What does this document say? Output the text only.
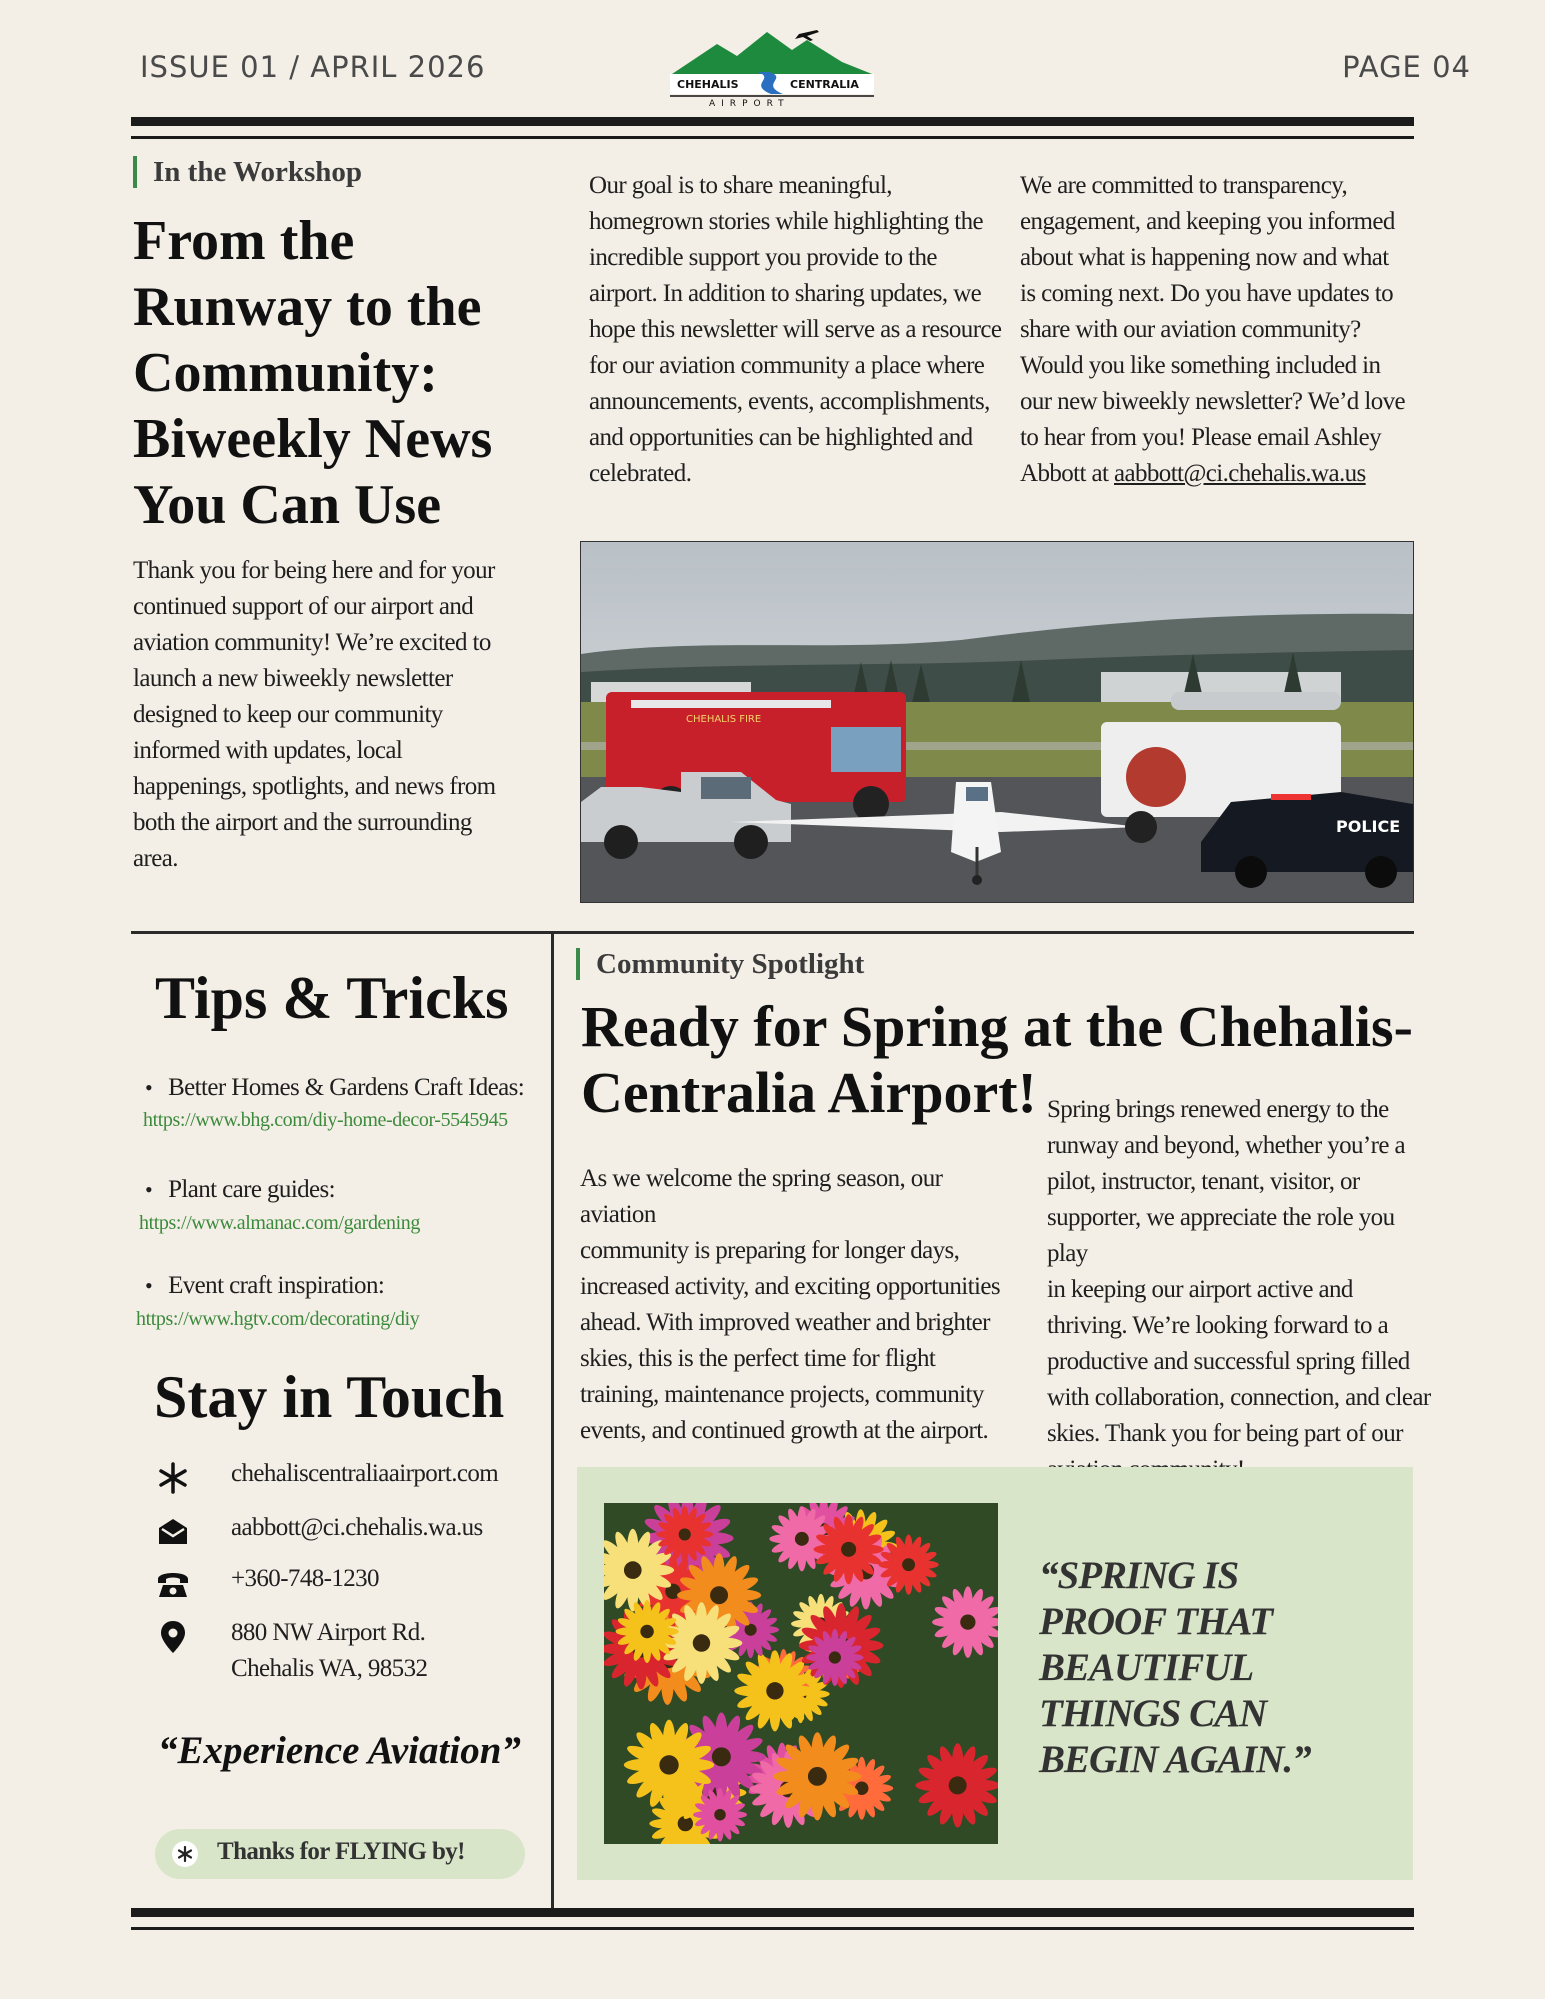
ISSUE 01 / APRIL 2026	PAGE 04
CHEHALIS	CENTRALIA
AIRPORT
In the Workshop
From the
Runway to the
Community:
Biweekly News
You Can Use
Thank you for being here and for your
continued support of our airport and
aviation community! We’re excited to
launch a new biweekly newsletter
designed to keep our community
informed with updates, local
happenings, spotlights, and news from
both the airport and the surrounding
area.
Our goal is to share meaningful,
homegrown stories while highlighting the
incredible support you provide to the
airport. In addition to sharing updates, we
hope this newsletter will serve as a resource
for our aviation community a place where
announcements, events, accomplishments,
and opportunities can be highlighted and
celebrated.
We are committed to transparency,
engagement, and keeping you informed
about what is happening now and what
is coming next. Do you have updates to
share with our aviation community?
Would you like something included in
our new biweekly newsletter? We’d love
to hear from you! Please email Ashley
Abbott at aabbott@ci.chehalis.wa.us
CHEHALIS FIRE
POLICE
Tips & Tricks
• Better Homes & Gardens Craft Ideas:
https://www.bhg.com/diy-home-decor-5545945
• Plant care guides:
https://www.almanac.com/gardening
• Event craft inspiration:
https://www.hgtv.com/decorating/diy
Stay in Touch
chehaliscentraliaairport.com
aabbott@ci.chehalis.wa.us
+360-748-1230
880 NW Airport Rd.
Chehalis WA, 98532
“Experience Aviation”
Thanks for FLYING by!
Community Spotlight
Ready for Spring at the Chehalis-
Centralia Airport!
As we welcome the spring season, our aviation
community is preparing for longer days,
increased activity, and exciting opportunities
ahead. With improved weather and brighter
skies, this is the perfect time for flight
training, maintenance projects, community
events, and continued growth at the airport.
Spring brings renewed energy to the
runway and beyond, whether you’re a
pilot, instructor, tenant, visitor, or
supporter, we appreciate the role you play
in keeping our airport active and
thriving. We’re looking forward to a
productive and successful spring filled
with collaboration, connection, and clear
skies. Thank you for being part of our
“SPRING IS
PROOF THAT
BEAUTIFUL
THINGS CAN
BEGIN AGAIN.”
